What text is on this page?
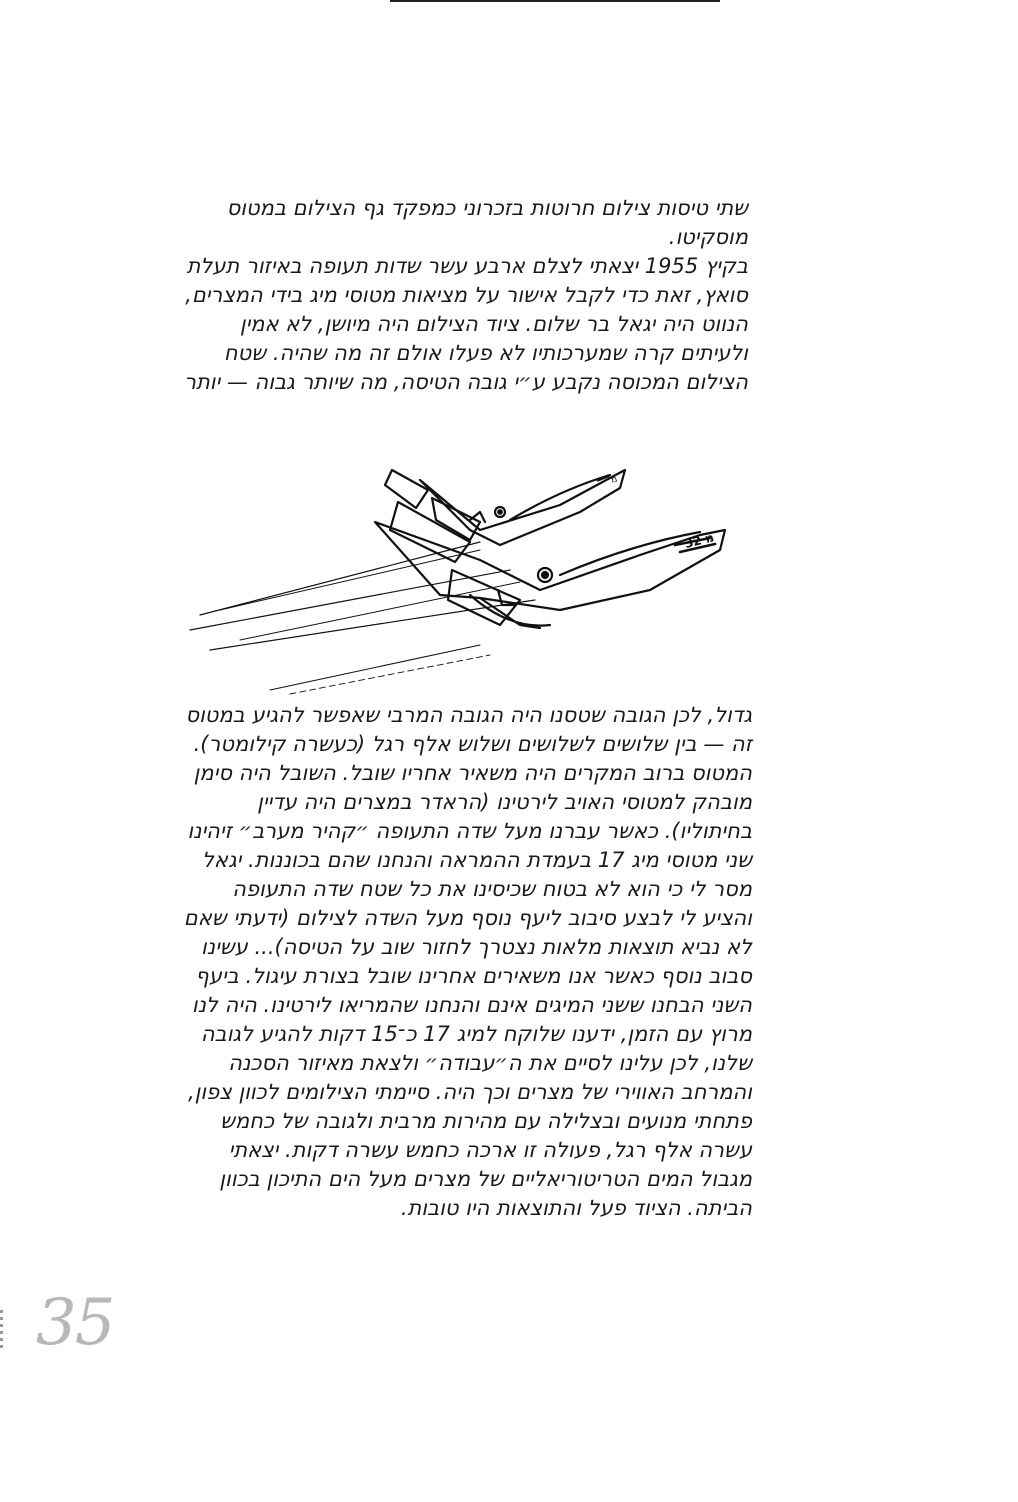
שתי טיסות צילום חרוטות בזכרוני כמפקד גף הצילום במטוס
מוסקיטו.
בקיץ 1955 יצאתי לצלם ארבע עשר שדות תעופה באיזור תעלת
סואץ, זאת כדי לקבל אישור על מציאות מטוסי מיג בידי המצרים,
הנווט היה יגאל בר שלום. ציוד הצילום היה מיושן, לא אמין
ולעיתים קרה שמערכותיו לא פעלו אולם זה מה שהיה. שטח
הצילום המכוסה נקבע ע״י גובה הטיסה, מה שיותר גבוה — יותר
מ
מ 32
גדול, לכן הגובה שטסנו היה הגובה המרבי שאפשר להגיע במטוס
זה — בין שלושים לשלושים ושלוש אלף רגל (כעשרה קילומטר).
המטוס ברוב המקרים היה משאיר אחריו שובל. השובל היה סימן
מובהק למטוסי האויב לירטינו (הראדר במצרים היה עדיין
בחיתוליו). כאשר עברנו מעל שדה התעופה ״קהיר מערב״ זיהינו
שני מטוסי מיג 17 בעמדת ההמראה והנחנו שהם בכוננות. יגאל
מסר לי כי הוא לא בטוח שכיסינו את כל שטח שדה התעופה
והציע לי לבצע סיבוב ליעף נוסף מעל השדה לצילום (ידעתי שאם
לא נביא תוצאות מלאות נצטרך לחזור שוב על הטיסה)... עשינו
סבוב נוסף כאשר אנו משאירים אחרינו שובל בצורת עיגול. ביעף
השני הבחנו ששני המיגים אינם והנחנו שהמריאו לירטינו. היה לנו
מרוץ עם הזמן, ידענו שלוקח למיג 17 כ־15 דקות להגיע לגובה
שלנו, לכן עלינו לסיים את ה״עבודה״ ולצאת מאיזור הסכנה
והמרחב האווירי של מצרים וכך היה. סיימתי הצילומים לכוון צפון,
פתחתי מנועים ובצלילה עם מהירות מרבית ולגובה של כחמש
עשרה אלף רגל, פעולה זו ארכה כחמש עשרה דקות. יצאתי
מגבול המים הטריטוריאליים של מצרים מעל הים התיכון בכוון
הביתה. הציוד פעל והתוצאות היו טובות.
35
